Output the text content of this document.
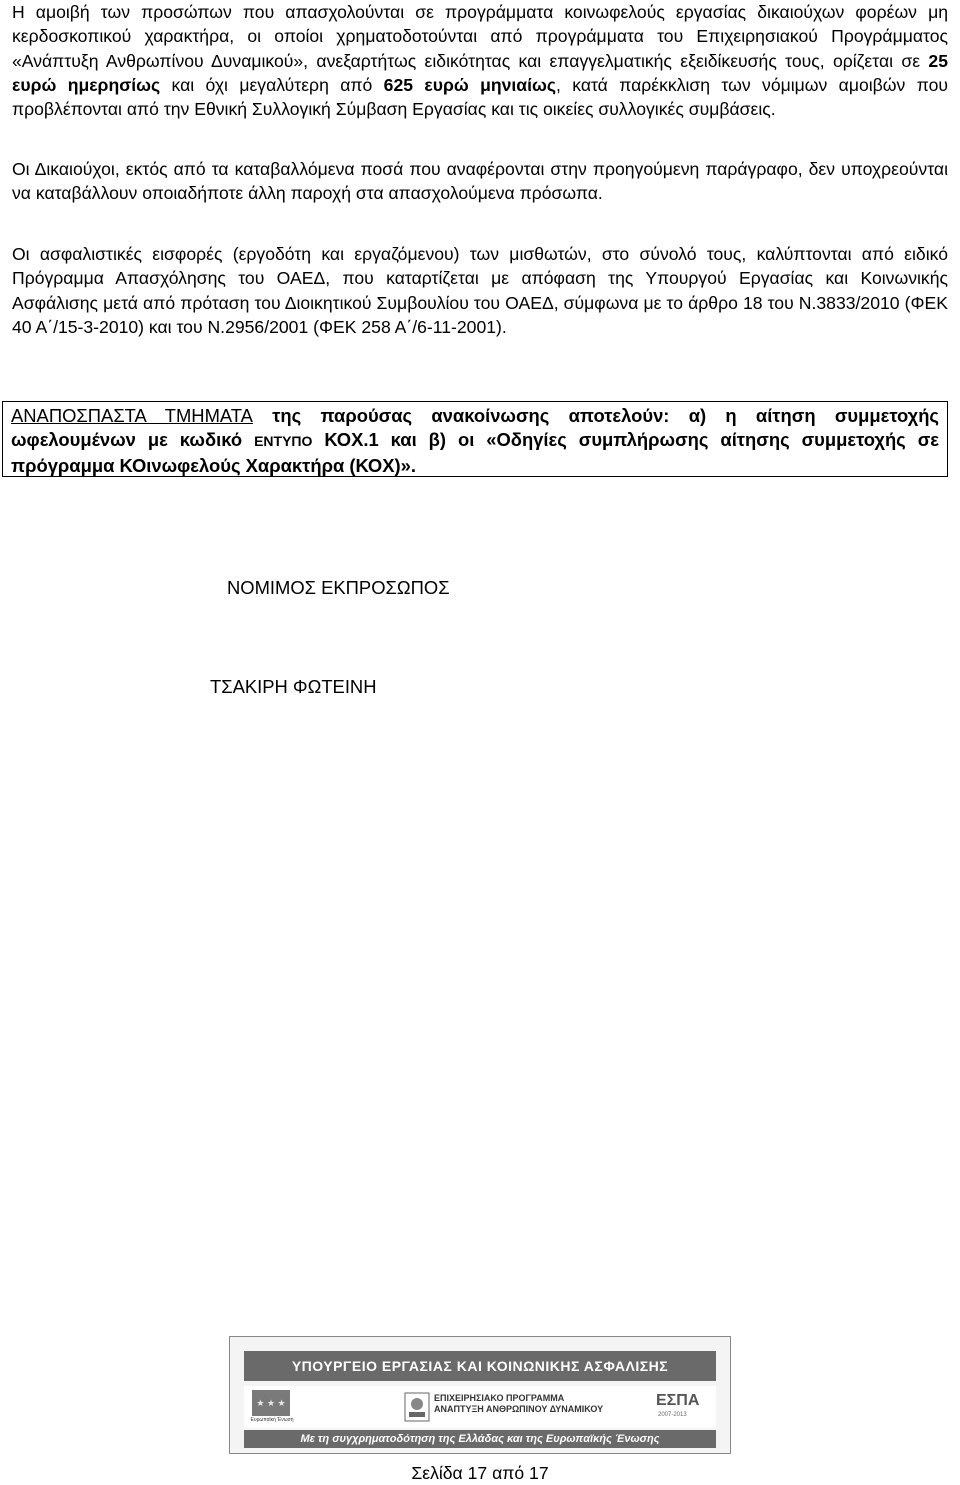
Η αμοιβή των προσώπων που απασχολούνται σε προγράμματα κοινωφελούς εργασίας δικαιούχων φορέων μη κερδοσκοπικού χαρακτήρα, οι οποίοι χρηματοδοτούνται από προγράμματα του Επιχειρησιακού Προγράμματος «Ανάπτυξη Ανθρωπίνου Δυναμικού», ανεξαρτήτως ειδικότητας και επαγγελματικής εξειδίκευσής τους, ορίζεται σε 25 ευρώ ημερησίως και όχι μεγαλύτερη από 625 ευρώ μηνιαίως, κατά παρέκκλιση των νόμιμων αμοιβών που προβλέπονται από την Εθνική Συλλογική Σύμβαση Εργασίας και τις οικείες συλλογικές συμβάσεις.

Οι Δικαιούχοι, εκτός από τα καταβαλλόμενα ποσά που αναφέρονται στην προηγούμενη παράγραφο, δεν υποχρεούνται να καταβάλλουν οποιαδήποτε άλλη παροχή στα απασχολούμενα πρόσωπα.

Οι ασφαλιστικές εισφορές (εργοδότη και εργαζόμενου) των μισθωτών, στο σύνολό τους, καλύπτονται από ειδικό Πρόγραμμα Απασχόλησης του ΟΑΕΔ, που καταρτίζεται με απόφαση της Υπουργού Εργασίας και Κοινωνικής Ασφάλισης μετά από πρόταση του Διοικητικού Συμβουλίου του ΟΑΕΔ, σύμφωνα με το άρθρο 18 του Ν.3833/2010 (ΦΕΚ 40 Α΄/15-3-2010) και του Ν.2956/2001 (ΦΕΚ 258 Α΄/6-11-2001).

ΑΝΑΠΟΣΠΑΣΤΑ ΤΜΗΜΑΤΑ της παρούσας ανακοίνωσης αποτελούν: α) η αίτηση συμμετοχής ωφελουμένων με κωδικό ΕΝΤΥΠΟ ΚΟΧ.1 και β) οι «Οδηγίες συμπλήρωσης αίτησης συμμετοχής σε πρόγραμμα ΚΟινωφελούς Χαρακτήρα (ΚΟΧ)».
ΝΟΜΙΜΟΣ ΕΚΠΡΟΣΩΠΟΣ
ΤΣΑΚΙΡΗ ΦΩΤΕΙΝΗ
ΥΠΟΥΡΓΕΙΟ ΕΡΓΑΣΙΑΣ ΚΑΙ ΚΟΙΝΩΝΙΚΗΣ ΑΣΦΑΛΙΣΗΣ
★ ★ ★
Ευρωπαϊκή Ένωση
ΕΠΙΧΕΙΡΗΣΙΑΚΟ ΠΡΟΓΡΑΜΜΑ
ΑΝΑΠΤΥΞΗ ΑΝΘΡΩΠΙΝΟΥ ΔΥΝΑΜΙΚΟΥ	ΕΣΠΑ
2007-2013
Με τη συγχρηματοδότηση της Ελλάδας και της Ευρωπαϊκής Ένωσης
Σελίδα 17 από 17
